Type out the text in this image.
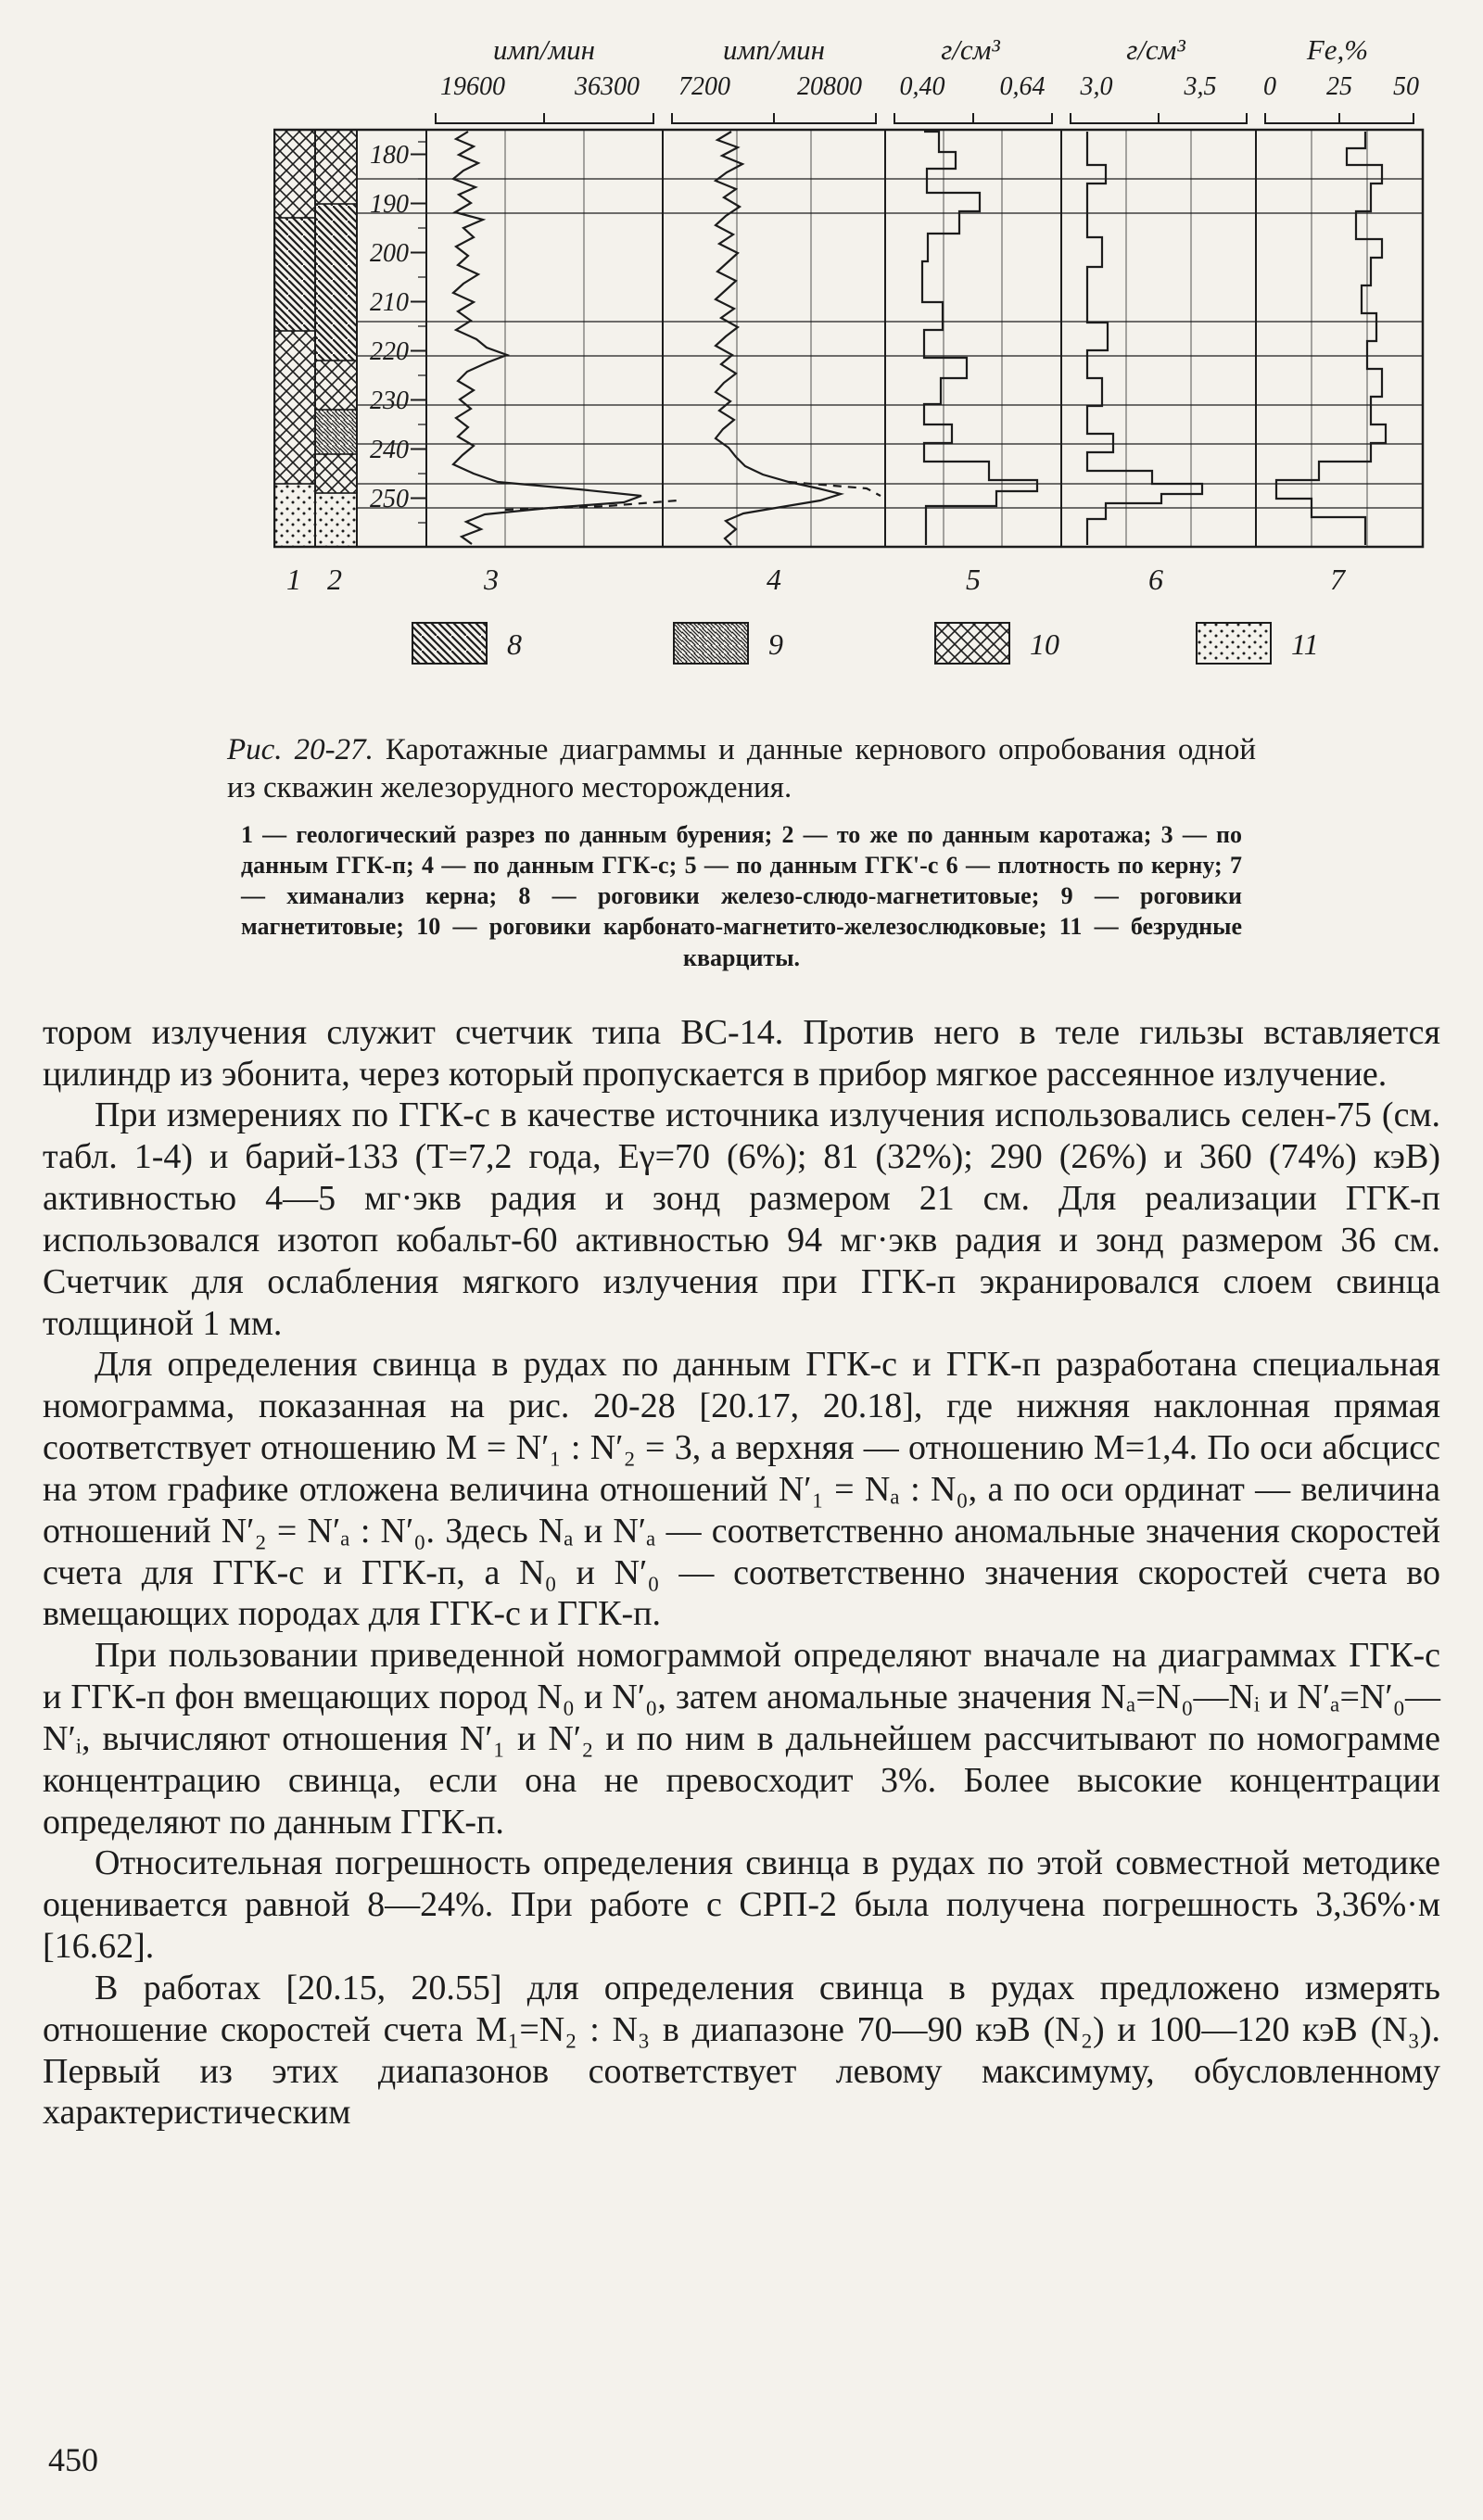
имп/мин	имп/мин	г/см³	г/см³	Fe,%
19600	36300 7200	20800 0,40 0,64 3,0	3,5 0 25 50
180
190
200
210
220
230
240
250
1 2	3	4	5	6	7
8	9	10	11

Рис. 20-27. Каротажные диаграммы и данные кернового опробования одной из скважин железорудного месторождения.

1 — геологический разрез по данным бурения; 2 — то же по данным каротажа; 3 — по данным ГГК-п; 4 — по данным ГГК-с; 5 — по данным ГГК'-с 6 — плотность по керну; 7 — химанализ керна; 8 — роговики железо-слюдо-магнетитовые; 9 — роговики магнетитовые; 10 — роговики карбонато-магнетито-железослюдковые; 11 — безрудные кварциты.

тором излучения служит счетчик типа ВС-14. Против него в теле гильзы вставляется цилиндр из эбонита, через который пропускается в прибор мягкое рассеянное излучение.

При измерениях по ГГК-с в качестве источника излучения использовались селен-75 (см. табл. 1-4) и барий-133 (Т=7,2 года, Еγ=70 (6%); 81 (32%); 290 (26%) и 360 (74%) кэВ) активностью 4—5 мг·экв радия и зонд размером 21 см. Для реализации ГГК-п использовался изотоп кобальт-60 активностью 94 мг·экв радия и зонд размером 36 см. Счетчик для ослабления мягкого излучения при ГГК-п экранировался слоем свинца толщиной 1 мм.

Для определения свинца в рудах по данным ГГК-с и ГГК-п разработана специальная номограмма, показанная на рис. 20-28 [20.17, 20.18], где нижняя наклонная прямая соответствует отношению M = N′₁ : N′₂ = 3, а верхняя — отношению M=1,4. По оси абсцисс на этом графике отложена величина отношений N′₁ = Nₐ : N₀, а по оси ординат — величина отношений N′₂ = N′ₐ : N′₀. Здесь Nₐ и N′ₐ — соответственно аномальные значения скоростей счета для ГГК-с и ГГК-п, а N₀ и N′₀ — соответственно значения скоростей счета во вмещающих породах для ГГК-с и ГГК-п.

При пользовании приведенной номограммой определяют вначале на диаграммах ГГК-с и ГГК-п фон вмещающих пород N₀ и N′₀, затем аномальные значения Nₐ=N₀—Nᵢ и N′ₐ=N′₀—N′ᵢ, вычисляют отношения N′₁ и N′₂ и по ним в дальнейшем рассчитывают по номограмме концентрацию свинца, если она не превосходит 3%. Более высокие концентрации определяют по данным ГГК-п.

Относительная погрешность определения свинца в рудах по этой совместной методике оценивается равной 8—24%. При работе с СРП-2 была получена погрешность 3,36%·м [16.62].

В работах [20.15, 20.55] для определения свинца в рудах предложено измерять отношение скоростей счета М₁=N₂ : N₃ в диапазоне 70—90 кэВ (N₂) и 100—120 кэВ (N₃). Первый из этих диапазонов соответствует левому максимуму, обусловленному характеристическим

450
